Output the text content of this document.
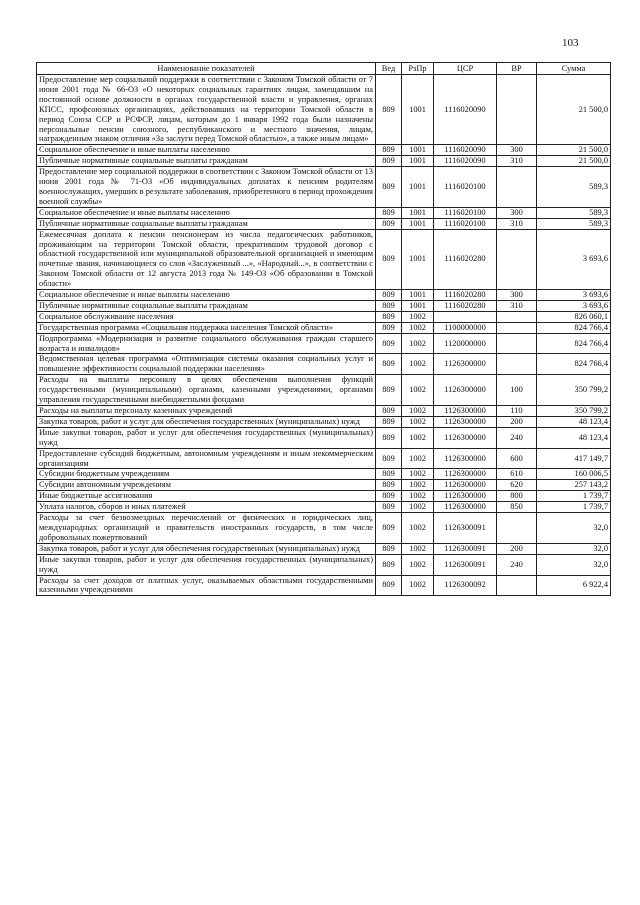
103
Наименование показателей	Вед	РзПр	ЦСР	ВР	Сумма
Предоставление мер социальной поддержки в соответствии с Законом Томской области от 7 июня 2001 года № 66-ОЗ «О некоторых социальных гарантиях лицам, замещавшим на постоянной основе должности в органах государственной власти и управления, органах КПСС, профсоюзных организациях, действовавших на территории Томской области в период Союза ССР и РСФСР, лицам, которым до 1 января 1992 года были назначены персональные пенсии союзного, республиканского и местного значения, лицам, награжденным знаком отличия «За заслуги перед Томской областью», а также иным лицам»	809	1001	1116020090		21 500,0
Социальное обеспечение и иные выплаты населению	809	1001	1116020090	300	21 500,0
Публичные нормативные социальные выплаты гражданам	809	1001	1116020090	310	21 500,0
Предоставление мер социальной поддержки в соответствии с Законом Томской области от 13 июня 2001 года № 71-ОЗ «Об индивидуальных доплатах к пенсиям родителям военнослужащих, умерших в результате заболевания, приобретенного в период прохождения военной службы»	809	1001	1116020100		589,3
Социальное обеспечение и иные выплаты населению	809	1001	1116020100	300	589,3
Публичные нормативные социальные выплаты гражданам	809	1001	1116020100	310	589,3
Ежемесячная доплата к пенсии пенсионерам из числа педагогических работников, проживающим на территории Томской области, прекратившим трудовой договор с областной государственной или муниципальной образовательной организацией и имеющим почетные звания, начинающиеся со слов «Заслуженный ...», «Народный...», в соответствии с Законом Томской области от 12 августа 2013 года № 149-ОЗ «Об образовании в Томской области»	809	1001	1116020280		3 693,6
Социальное обеспечение и иные выплаты населению	809	1001	1116020280	300	3 693,6
Публичные нормативные социальные выплаты гражданам	809	1001	1116020280	310	3 693,6
Социальное обслуживание населения	809	1002			826 060,1
Государственная программа «Социальная поддержка населения Томской области»	809	1002	1100000000		824 766,4
Подпрограмма «Модернизация и развитие социального обслуживания граждан старшего возраста и инвалидов»	809	1002	1120000000		824 766,4
Ведомственная целевая программа «Оптимизация системы оказания социальных услуг и повышение эффективности социальной поддержки населения»	809	1002	1126300000		824 766,4
Расходы на выплаты персоналу в целях обеспечения выполнения функций государственными (муниципальными) органами, казенными учреждениями, органами управления государственными внебюджетными фондами	809	1002	1126300000	100	350 799,2
Расходы на выплаты персоналу казенных учреждений	809	1002	1126300000	110	350 799,2
Закупка товаров, работ и услуг для обеспечения государственных (муниципальных) нужд	809	1002	1126300000	200	48 123,4
Иные закупки товаров, работ и услуг для обеспечения государственных (муниципальных) нужд	809	1002	1126300000	240	48 123,4
Предоставление субсидий бюджетным, автономным учреждениям и иным некоммерческим организациям	809	1002	1126300000	600	417 149,7
Субсидии бюджетным учреждениям	809	1002	1126300000	610	160 006,5
Субсидии автономным учреждениям	809	1002	1126300000	620	257 143,2
Иные бюджетные ассигнования	809	1002	1126300000	800	1 739,7
Уплата налогов, сборов и иных платежей	809	1002	1126300000	850	1 739,7
Расходы за счет безвозмездных перечислений от физических и юридических лиц, международных организаций и правительств иностранных государств, в том числе добровольных пожертвований	809	1002	1126300091		32,0
Закупка товаров, работ и услуг для обеспечения государственных (муниципальных) нужд	809	1002	1126300091	200	32,0
Иные закупки товаров, работ и услуг для обеспечения государственных (муниципальных) нужд	809	1002	1126300091	240	32,0
Расходы за счет доходов от платных услуг, оказываемых областными государственными казенными учреждениями	809	1002	1126300092		6 922,4
